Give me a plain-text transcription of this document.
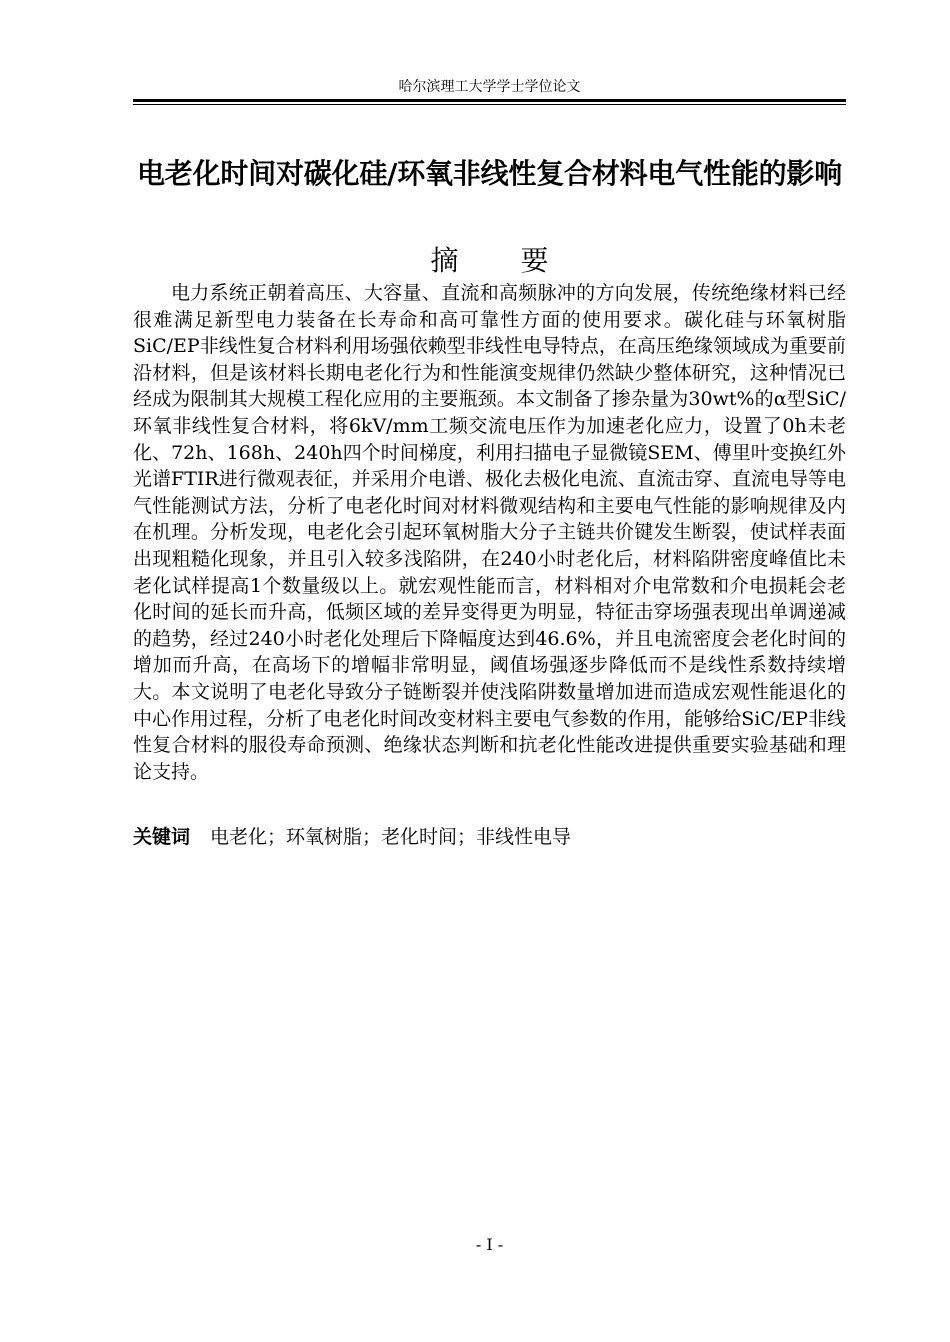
哈尔滨理工大学学士学位论文
电老化时间对碳化硅/环氧非线性复合材料电气性能的影响
摘 要
电力系统正朝着高压、大容量、直流和高频脉冲的方向发展，传统绝缘材料已经很难满足新型电力装备在长寿命和高可靠性方面的使用要求。碳化硅与环氧树脂SiC/EP非线性复合材料利用场强依赖型非线性电导特点，在高压绝缘领域成为重要前沿材料，但是该材料长期电老化行为和性能演变规律仍然缺少整体研究，这种情况已经成为限制其大规模工程化应用的主要瓶颈。本文制备了掺杂量为30wt%的α型SiC/环氧非线性复合材料，将6kV/mm工频交流电压作为加速老化应力，设置了0h未老化、72h、168h、240h四个时间梯度，利用扫描电子显微镜SEM、傅里叶变换红外光谱FTIR进行微观表征，并采用介电谱、极化去极化电流、直流击穿、直流电导等电气性能测试方法，分析了电老化时间对材料微观结构和主要电气性能的影响规律及内在机理。分析发现，电老化会引起环氧树脂大分子主链共价键发生断裂，使试样表面出现粗糙化现象，并且引入较多浅陷阱，在240小时老化后，材料陷阱密度峰值比未老化试样提高1个数量级以上。就宏观性能而言，材料相对介电常数和介电损耗会老化时间的延长而升高，低频区域的差异变得更为明显，特征击穿场强表现出单调递减的趋势，经过240小时老化处理后下降幅度达到46.6%，并且电流密度会老化时间的增加而升高，在高场下的增幅非常明显，阈值场强逐步降低而不是线性系数持续增大。本文说明了电老化导致分子链断裂并使浅陷阱数量增加进而造成宏观性能退化的中心作用过程，分析了电老化时间改变材料主要电气参数的作用，能够给SiC/EP非线性复合材料的服役寿命预测、绝缘状态判断和抗老化性能改进提供重要实验基础和理论支持。
关键词 电老化；环氧树脂；老化时间；非线性电导
- I -
